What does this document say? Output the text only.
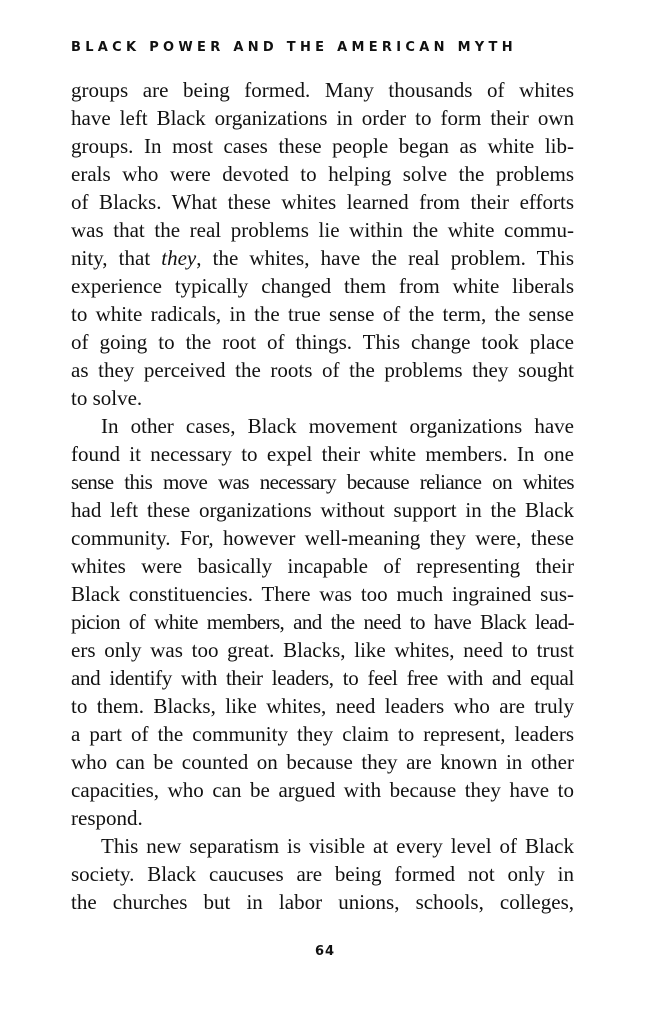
BLACK POWER AND THE AMERICAN MYTH
groups are being formed. Many thousands of whites
have left Black organizations in order to form their own
groups. In most cases these people began as white lib-
erals who were devoted to helping solve the problems
of Blacks. What these whites learned from their efforts
was that the real problems lie within the white commu-
nity, that they, the whites, have the real problem. This
experience typically changed them from white liberals
to white radicals, in the true sense of the term, the sense
of going to the root of things. This change took place
as they perceived the roots of the problems they sought
to solve.
In other cases, Black movement organizations have
found it necessary to expel their white members. In one
sense this move was necessary because reliance on whites
had left these organizations without support in the Black
community. For, however well-meaning they were, these
whites were basically incapable of representing their
Black constituencies. There was too much ingrained sus-
picion of white members, and the need to have Black lead-
ers only was too great. Blacks, like whites, need to trust
and identify with their leaders, to feel free with and equal
to them. Blacks, like whites, need leaders who are truly
a part of the community they claim to represent, leaders
who can be counted on because they are known in other
capacities, who can be argued with because they have to
respond.
This new separatism is visible at every level of Black
society. Black caucuses are being formed not only in
the churches but in labor unions, schools, colleges,
64
